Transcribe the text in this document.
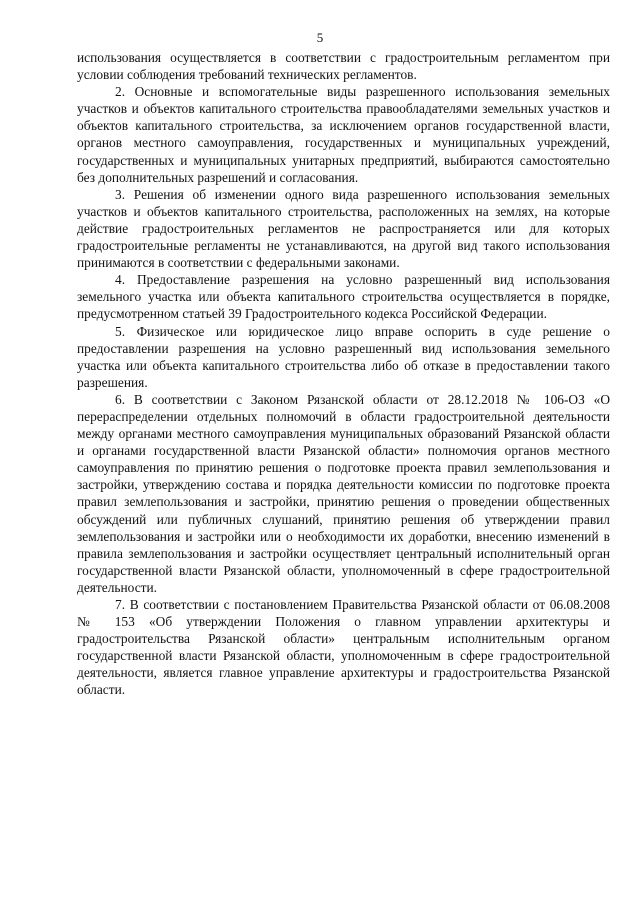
5

использования осуществляется в соответствии с градостроительным регламентом при условии соблюдения требований технических регламентов.

2. Основные и вспомогательные виды разрешенного использования земельных участков и объектов капитального строительства правообладателями земельных участков и объектов капитального строительства, за исключением органов государственной власти, органов местного самоуправления, государственных и муниципальных учреждений, государственных и муниципальных унитарных предприятий, выбираются самостоятельно без дополнительных разрешений и согласования.

3. Решения об изменении одного вида разрешенного использования земельных участков и объектов капитального строительства, расположенных на землях, на которые действие градостроительных регламентов не распространяется или для которых градостроительные регламенты не устанавливаются, на другой вид такого использования принимаются в соответствии с федеральными законами.

4. Предоставление разрешения на условно разрешенный вид использования земельного участка или объекта капитального строительства осуществляется в порядке, предусмотренном статьей 39 Градостроительного кодекса Российской Федерации.

5. Физическое или юридическое лицо вправе оспорить в суде решение о предоставлении разрешения на условно разрешенный вид использования земельного участка или объекта капитального строительства либо об отказе в предоставлении такого разрешения.

6. В соответствии с Законом Рязанской области от 28.12.2018 № 106-ОЗ «О перераспределении отдельных полномочий в области градостроительной деятельности между органами местного самоуправления муниципальных образований Рязанской области и органами государственной власти Рязанской области» полномочия органов местного самоуправления по принятию решения о подготовке проекта правил землепользования и застройки, утверждению состава и порядка деятельности комиссии по подготовке проекта правил землепользования и застройки, принятию решения о проведении общественных обсуждений или публичных слушаний, принятию решения об утверждении правил землепользования и застройки или о необходимости их доработки, внесению изменений в правила землепользования и застройки осуществляет центральный исполнительный орган государственной власти Рязанской области, уполномоченный в сфере градостроительной деятельности.

7. В соответствии с постановлением Правительства Рязанской области от 06.08.2008 № 153 «Об утверждении Положения о главном управлении архитектуры и градостроительства Рязанской области» центральным исполнительным органом государственной власти Рязанской области, уполномоченным в сфере градостроительной деятельности, является главное управление архитектуры и градостроительства Рязанской области.
